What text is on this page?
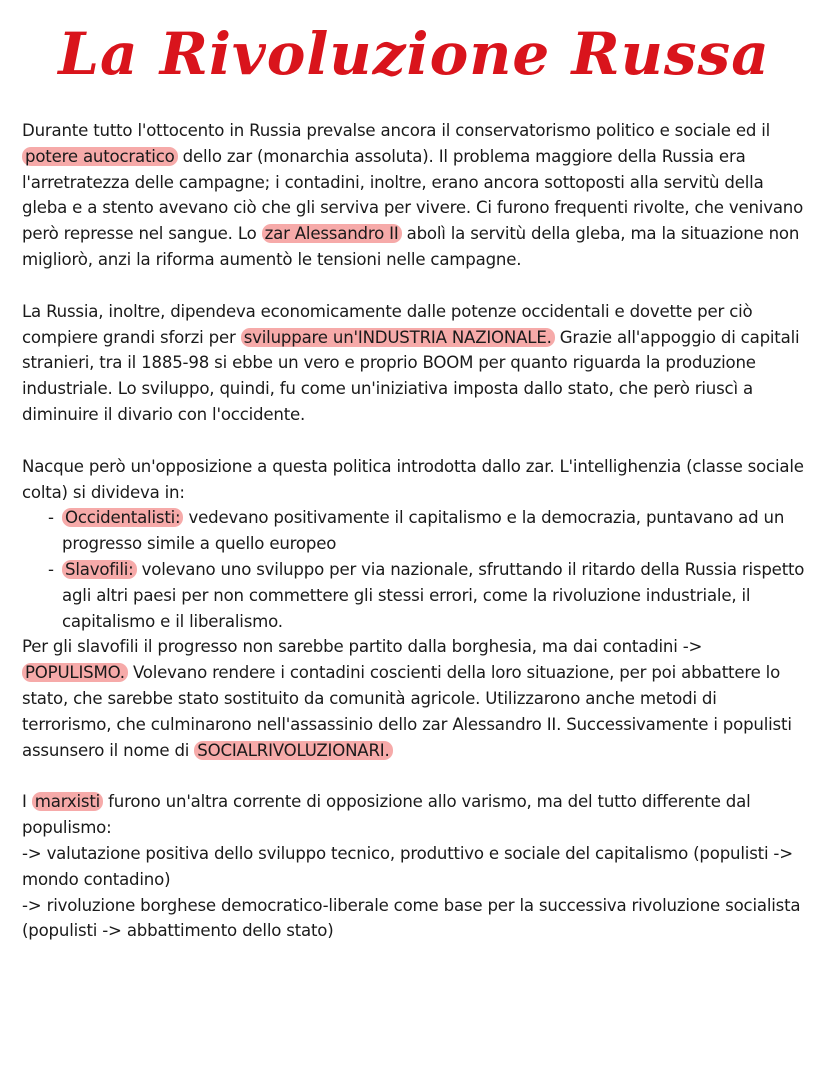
La Rivoluzione Russa

Durante tutto l'ottocento in Russia prevalse ancora il conservatorismo politico e sociale ed il potere autocratico dello zar (monarchia assoluta). Il problema maggiore della Russia era l'arretratezza delle campagne; i contadini, inoltre, erano ancora sottoposti alla servitù della gleba e a stento avevano ciò che gli serviva per vivere. Ci furono frequenti rivolte, che venivano però represse nel sangue. Lo zar Alessandro II abolì la servitù della gleba, ma la situazione non migliorò, anzi la riforma aumentò le tensioni nelle campagne.

La Russia, inoltre, dipendeva economicamente dalle potenze occidentali e dovette per ciò compiere grandi sforzi per sviluppare un'INDUSTRIA NAZIONALE. Grazie all'appoggio di capitali stranieri, tra il 1885-98 si ebbe un vero e proprio BOOM per quanto riguarda la produzione industriale. Lo sviluppo, quindi, fu come un'iniziativa imposta dallo stato, che però riuscì a diminuire il divario con l'occidente.

Nacque però un'opposizione a questa politica introdotta dallo zar. L'intellighenzia (classe sociale colta) si divideva in:
- Occidentalisti: vedevano positivamente il capitalismo e la democrazia, puntavano ad un progresso simile a quello europeo
- Slavofili: volevano uno sviluppo per via nazionale, sfruttando il ritardo della Russia rispetto agli altri paesi per non commettere gli stessi errori, come la rivoluzione industriale, il capitalismo e il liberalismo.
Per gli slavofili il progresso non sarebbe partito dalla borghesia, ma dai contadini -> POPULISMO. Volevano rendere i contadini coscienti della loro situazione, per poi abbattere lo stato, che sarebbe stato sostituito da comunità agricole. Utilizzarono anche metodi di terrorismo, che culminarono nell'assassinio dello zar Alessandro II. Successivamente i populisti assunsero il nome di SOCIALRIVOLUZIONARI.
I marxisti furono un'altra corrente di opposizione allo varismo, ma del tutto differente dal populismo:
-> valutazione positiva dello sviluppo tecnico, produttivo e sociale del capitalismo (populisti -> mondo contadino)
-> rivoluzione borghese democratico-liberale come base per la successiva rivoluzione socialista (populisti -> abbattimento dello stato)
